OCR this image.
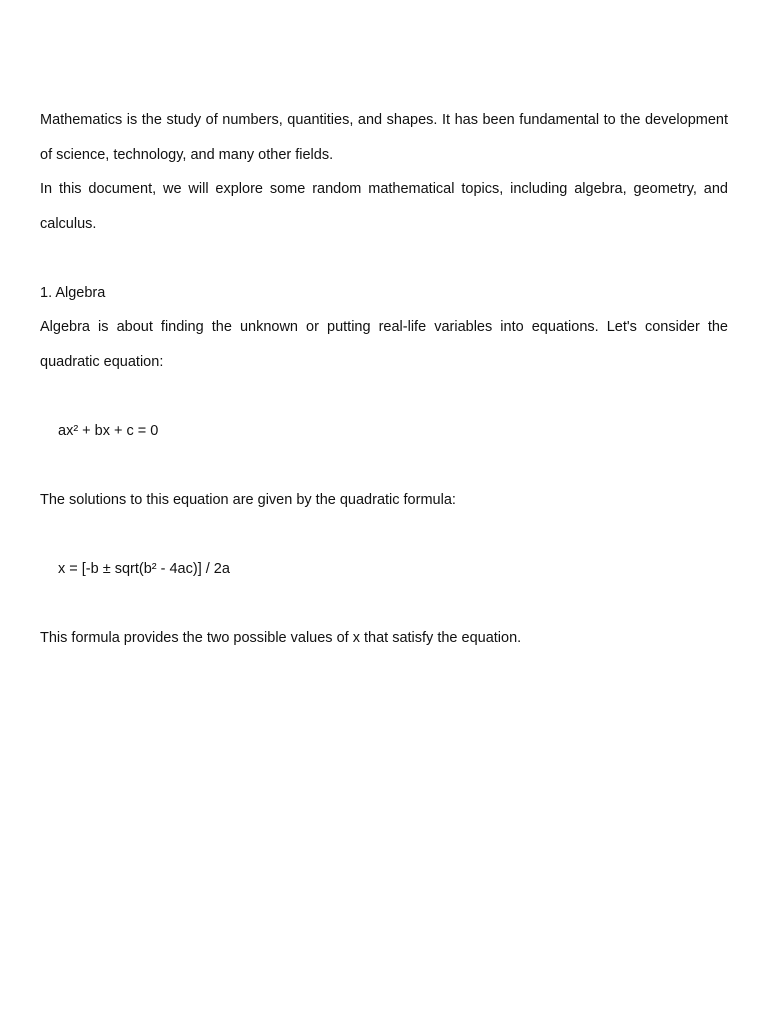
Mathematics is the study of numbers, quantities, and shapes. It has been fundamental to the development of science, technology, and many other fields.

In this document, we will explore some random mathematical topics, including algebra, geometry, and calculus.

1. Algebra

Algebra is about finding the unknown or putting real-life variables into equations. Let's consider the quadratic equation:

ax² + bx + c = 0

The solutions to this equation are given by the quadratic formula:

x = [-b ± sqrt(b² - 4ac)] / 2a

This formula provides the two possible values of x that satisfy the equation.
